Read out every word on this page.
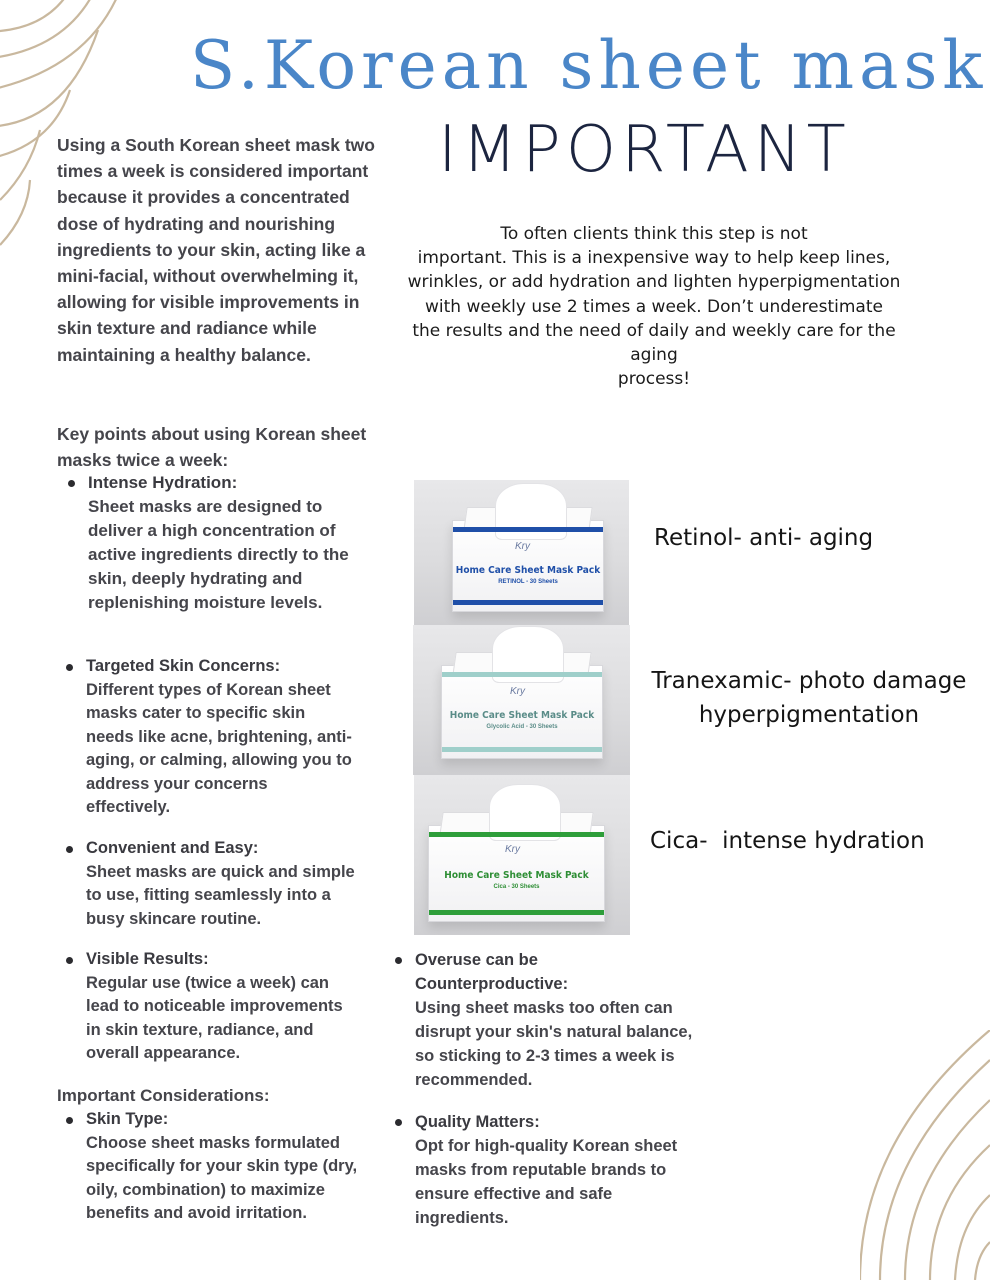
S.Korean sheet mask
IMPORTANT
Using a South Korean sheet mask two times a week is considered important because it provides a concentrated dose of hydrating and nourishing ingredients to your skin, acting like a mini-facial, without overwhelming it, allowing for visible improvements in skin texture and radiance while maintaining a healthy balance.
To often clients think this step is not
important. This is a inexpensive way to help keep lines,
wrinkles, or add hydration and lighten hyperpigmentation
with weekly use 2 times a week. Don’t underestimate
the results and the need of daily and weekly care for the
aging
process!
Key points about using Korean sheet masks twice a week:
Intense Hydration:
Sheet masks are designed to deliver a high concentration of active ingredients directly to the skin, deeply hydrating and replenishing moisture levels.
Targeted Skin Concerns:
Different types of Korean sheet masks cater to specific skin needs like acne, brightening, anti-aging, or calming, allowing you to address your concerns effectively.
Convenient and Easy:
Sheet masks are quick and simple to use, fitting seamlessly into a busy skincare routine.
Visible Results:
Regular use (twice a week) can lead to noticeable improvements in skin texture, radiance, and overall appearance.
Important Considerations:
Skin Type:
Choose sheet masks formulated specifically for your skin type (dry, oily, combination) to maximize benefits and avoid irritation.
Overuse can be Counterproductive:
Using sheet masks too often can disrupt your skin's natural balance, so sticking to 2-3 times a week is recommended.
Quality Matters:
Opt for high-quality Korean sheet masks from reputable brands to ensure effective and safe ingredients.
Kry
Home Care Sheet Mask Pack
RETINOL - 30 Sheets
Kry
Home Care Sheet Mask Pack
Glycolic Acid - 30 Sheets
Kry
Home Care Sheet Mask Pack
Cica - 30 Sheets
Retinol- anti- aging
Tranexamic- photo damage
hyperpigmentation
Cica-  intense hydration
